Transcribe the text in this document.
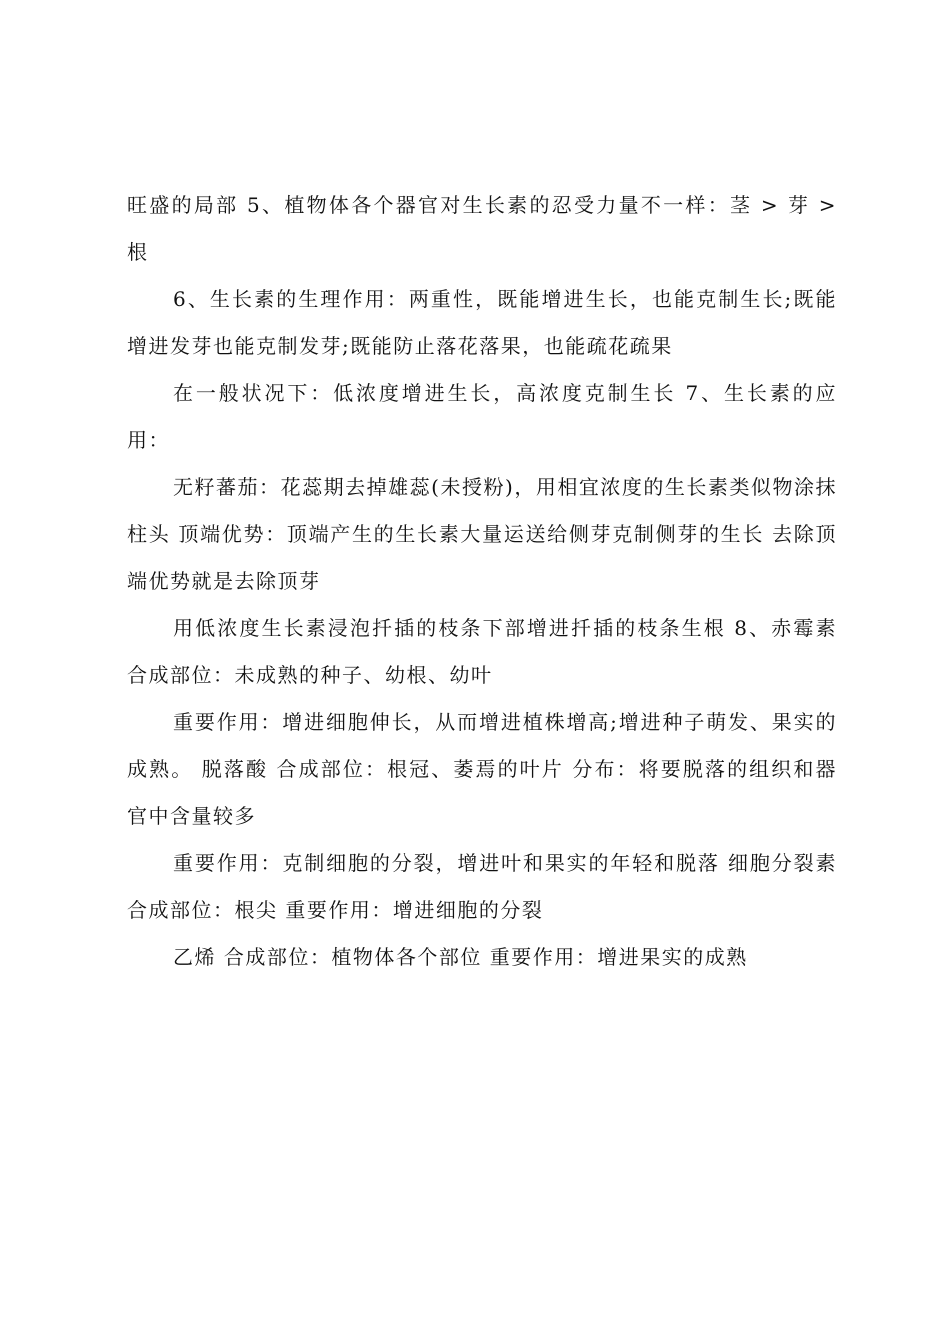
旺盛的局部 5、植物体各个器官对生长素的忍受力量不一样：茎 > 芽 > 根

6、生长素的生理作用：两重性，既能增进生长，也能克制生长;既能增进发芽也能克制发芽;既能防止落花落果，也能疏花疏果

在一般状况下：低浓度增进生长，高浓度克制生长 7、生长素的应用：

无籽蕃茄：花蕊期去掉雄蕊(未授粉)，用相宜浓度的生长素类似物涂抹柱头 顶端优势：顶端产生的生长素大量运送给侧芽克制侧芽的生长 去除顶端优势就是去除顶芽

用低浓度生长素浸泡扦插的枝条下部增进扦插的枝条生根 8、赤霉素 合成部位：未成熟的种子、幼根、幼叶

重要作用：增进细胞伸长，从而增进植株增高;增进种子萌发、果实的成熟。 脱落酸 合成部位：根冠、萎焉的叶片 分布：将要脱落的组织和器官中含量较多

重要作用：克制细胞的分裂，增进叶和果实的年轻和脱落 细胞分裂素 合成部位：根尖 重要作用：增进细胞的分裂

乙烯 合成部位：植物体各个部位 重要作用：增进果实的成熟
